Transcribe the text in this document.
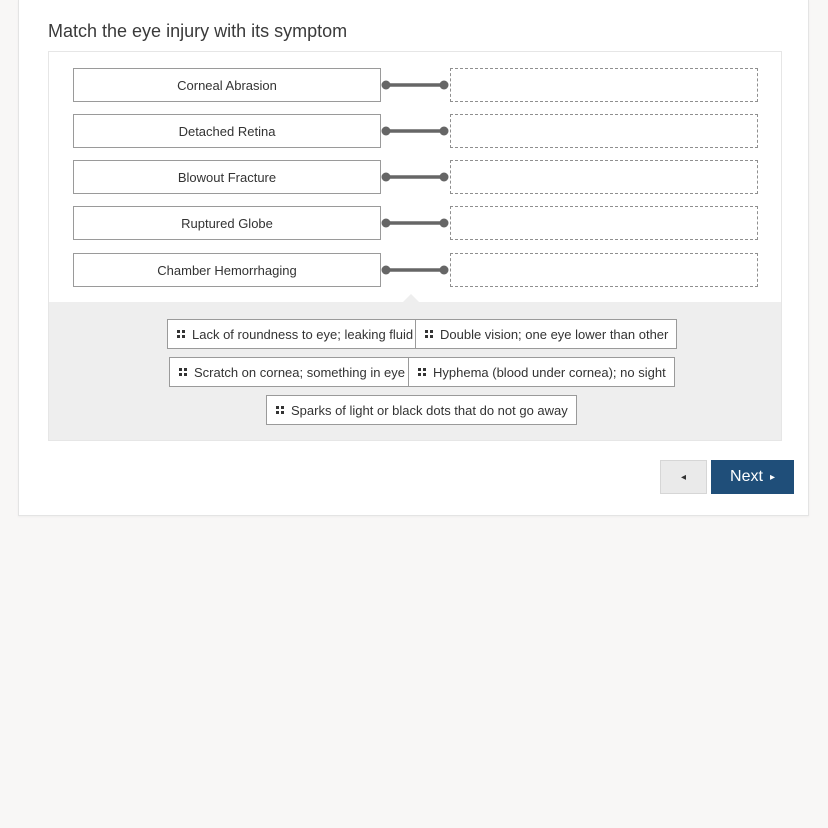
Match the eye injury with its symptom
Corneal Abrasion
Detached Retina
Blowout Fracture
Ruptured Globe
Chamber Hemorrhaging
Lack of roundness to eye; leaking fluid Double vision; one eye lower than other
Scratch on cornea; something in eye Hyphema (blood under cornea); no sight
Sparks of light or black dots that do not go away
◂	Next ▸
